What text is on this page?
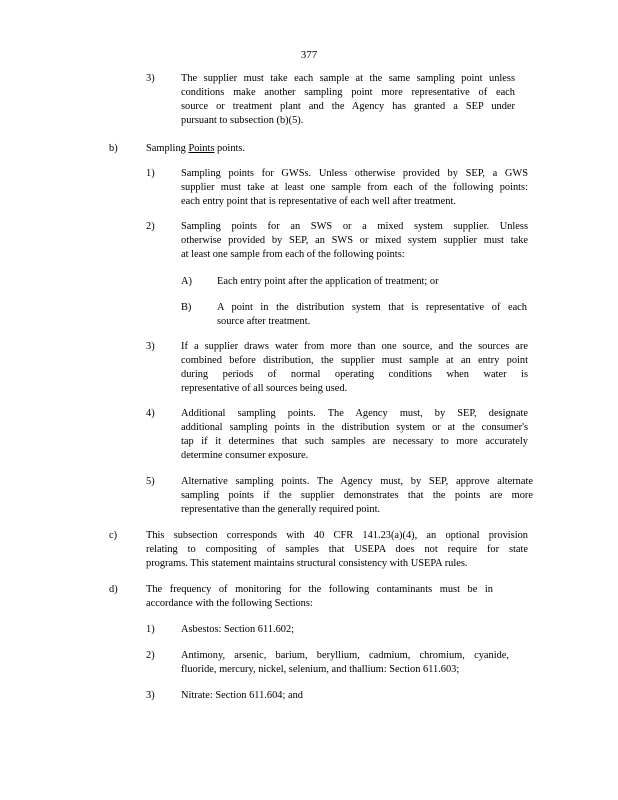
377
3)	The supplier must take each sample at the same sampling point unless
conditions make another sampling point more representative of each
source or treatment plant and the Agency has granted a SEP under
pursuant to subsection (b)(5).
b)	Sampling Points points.
1)	Sampling points for GWSs. Unless otherwise provided by SEP, a GWS
supplier must take at least one sample from each of the following points:
each entry point that is representative of each well after treatment.
2)	Sampling points for an SWS or a mixed system supplier. Unless
otherwise provided by SEP, an SWS or mixed system supplier must take
at least one sample from each of the following points:
A) Each entry point after the application of treatment; or
B) A point in the distribution system that is representative of each
source after treatment.
3)	If a supplier draws water from more than one source, and the sources are
combined before distribution, the supplier must sample at an entry point
during periods of normal operating conditions when water is
representative of all sources being used.
4)	Additional sampling points. The Agency must, by SEP, designate
additional sampling points in the distribution system or at the consumer's
tap if it determines that such samples are necessary to more accurately
determine consumer exposure.
5)	Alternative sampling points. The Agency must, by SEP, approve alternate
sampling points if the supplier demonstrates that the points are more
representative than the generally required point.
c)	This subsection corresponds with 40 CFR 141.23(a)(4), an optional provision
relating to compositing of samples that USEPA does not require for state
programs. This statement maintains structural consistency with USEPA rules.
d)	The frequency of monitoring for the following contaminants must be in
accordance with the following Sections:
1)	Asbestos: Section 611.602;
2)	Antimony, arsenic, barium, beryllium, cadmium, chromium, cyanide,
fluoride, mercury, nickel, selenium, and thallium: Section 611.603;
3)	Nitrate: Section 611.604; and
